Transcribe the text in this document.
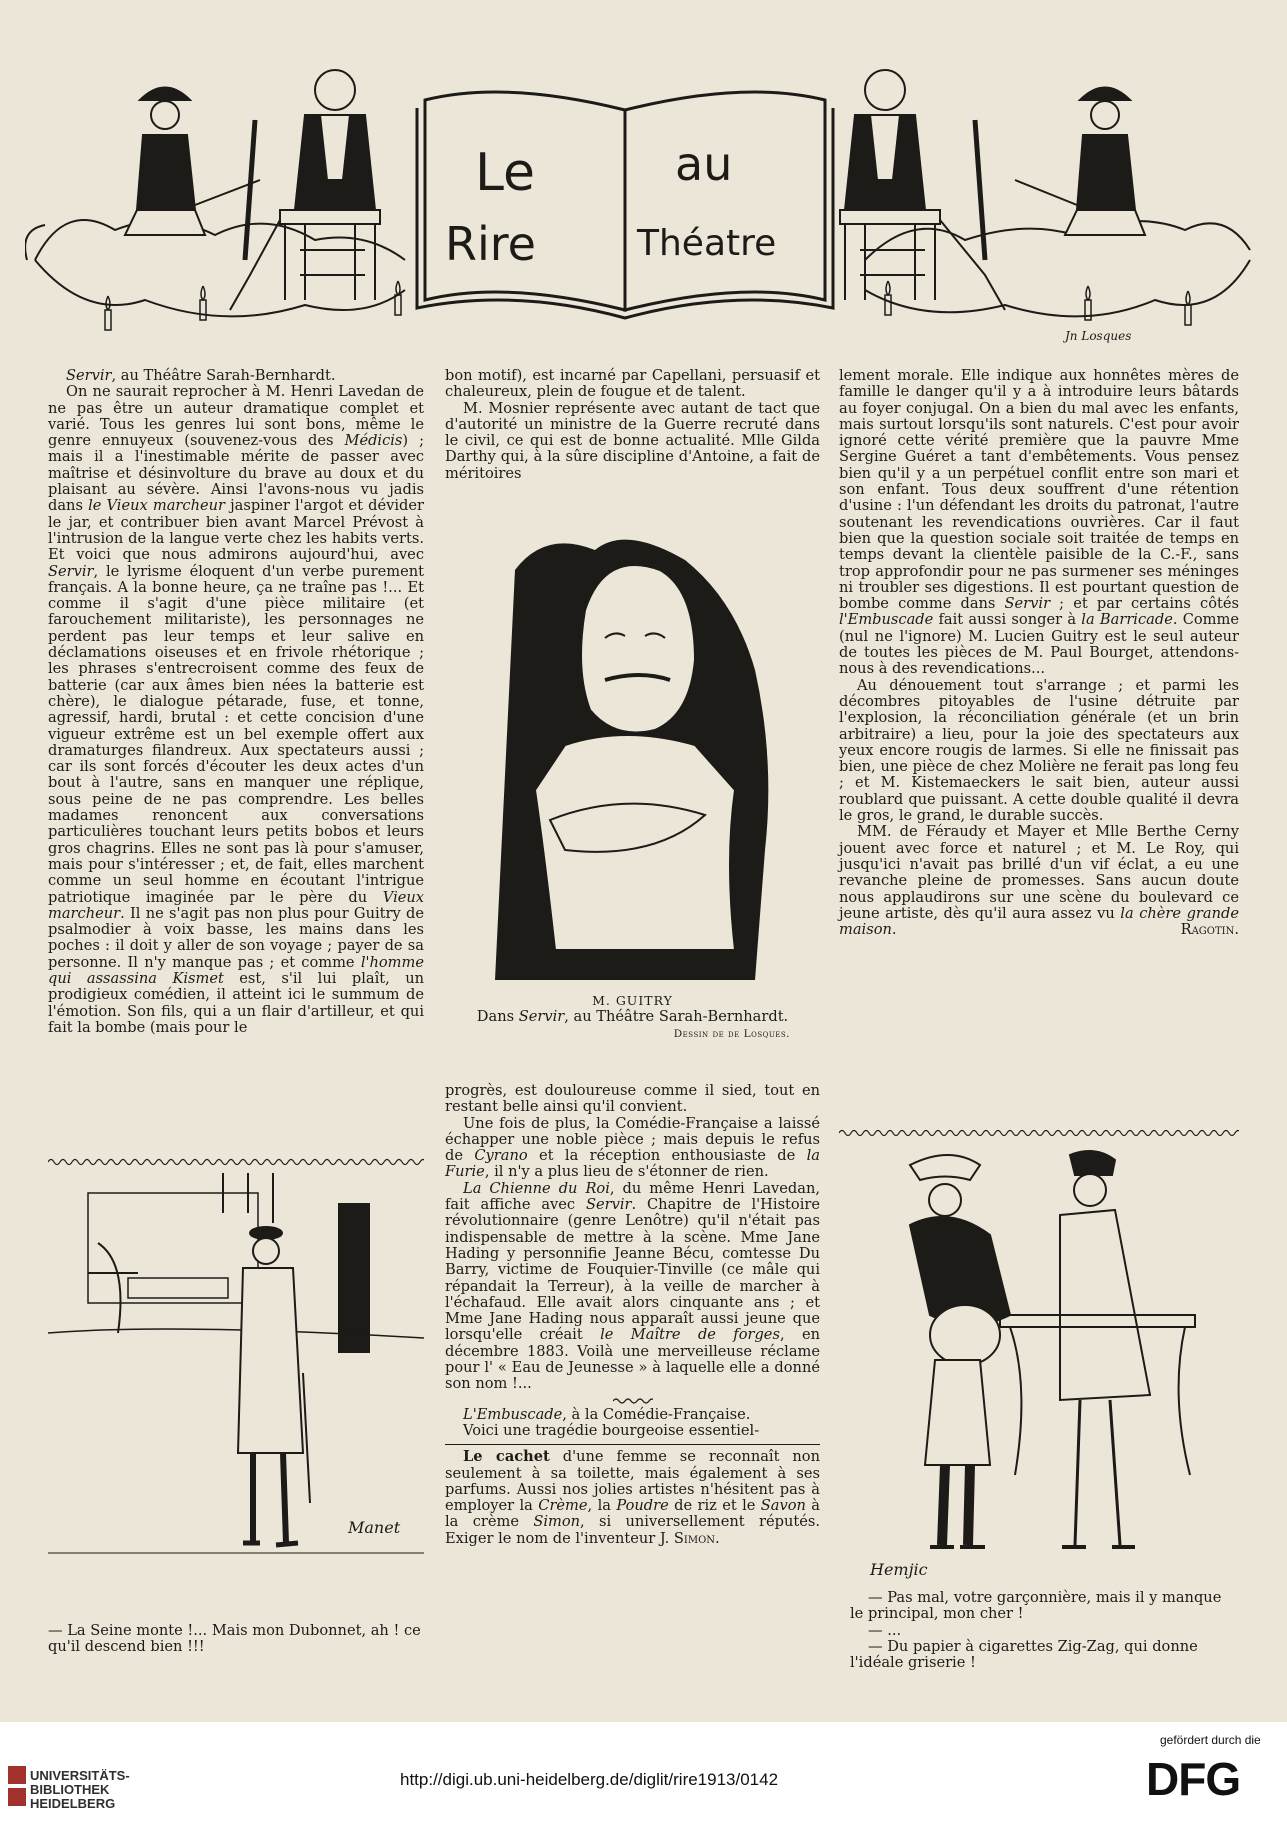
Le
Rire
au
Théatre
Jn Losques

Servir, au Théâtre Sarah-Bernhardt.

On ne saurait reprocher à M. Henri Lavedan de ne pas être un auteur dramatique complet et varié. Tous les genres lui sont bons, même le genre ennuyeux (souvenez-vous des Médicis) ; mais il a l'inestimable mérite de passer avec maîtrise et désinvolture du brave au doux et du plaisant au sévère. Ainsi l'avons-nous vu jadis dans le Vieux marcheur jaspiner l'argot et dévider le jar, et contribuer bien avant Marcel Prévost à l'intrusion de la langue verte chez les habits verts. Et voici que nous admirons aujourd'hui, avec Servir, le lyrisme éloquent d'un verbe purement français. A la bonne heure, ça ne traîne pas !... Et comme il s'agit d'une pièce militaire (et farouchement militariste), les personnages ne perdent pas leur temps et leur salive en déclamations oiseuses et en frivole rhétorique ; les phrases s'entrecroisent comme des feux de batterie (car aux âmes bien nées la batterie est chère), le dialogue pétarade, fuse, et tonne, agressif, hardi, brutal : et cette concision d'une vigueur extrême est un bel exemple offert aux dramaturges filandreux. Aux spectateurs aussi ; car ils sont forcés d'écouter les deux actes d'un bout à l'autre, sans en manquer une réplique, sous peine de ne pas comprendre. Les belles madames renoncent aux conversations particulières touchant leurs petits bobos et leurs gros chagrins. Elles ne sont pas là pour s'amuser, mais pour s'intéresser ; et, de fait, elles marchent comme un seul homme en écoutant l'intrigue patriotique imaginée par le père du Vieux marcheur. Il ne s'agit pas non plus pour Guitry de psalmodier à voix basse, les mains dans les poches : il doit y aller de son voyage ; payer de sa personne. Il n'y manque pas ; et comme l'homme qui assassina Kismet est, s'il lui plaît, un prodigieux comédien, il atteint ici le summum de l'émotion. Son fils, qui a un flair d'artilleur, et qui fait la bombe (mais pour le

Manet
— La Seine monte !... Mais mon Dubonnet, ah ! ce qu'il descend bien !!!

bon motif), est incarné par Capellani, persuasif et chaleureux, plein de fougue et de talent.

M. Mosnier représente avec autant de tact que d'autorité un ministre de la Guerre recruté dans le civil, ce qui est de bonne actualité. Mlle Gilda Darthy qui, à la sûre discipline d'Antoine, a fait de méritoires

M. GUITRY
Dans Servir, au Théâtre Sarah-Bernhardt.
Dessin de de Losques.

progrès, est douloureuse comme il sied, tout en restant belle ainsi qu'il convient.

Une fois de plus, la Comédie-Française a laissé échapper une noble pièce ; mais depuis le refus de Cyrano et la réception enthousiaste de la Furie, il n'y a plus lieu de s'étonner de rien.

La Chienne du Roi, du même Henri Lavedan, fait affiche avec Servir. Chapitre de l'Histoire révolutionnaire (genre Lenôtre) qu'il n'était pas indispensable de mettre à la scène. Mme Jane Hading y personnifie Jeanne Bécu, comtesse Du Barry, victime de Fouquier-Tinville (ce mâle qui répandait la Terreur), à la veille de marcher à l'échafaud. Elle avait alors cinquante ans ; et Mme Jane Hading nous apparaît aussi jeune que lorsqu'elle créait le Maître de forges, en décembre 1883. Voilà une merveilleuse réclame pour l' « Eau de Jeunesse » à laquelle elle a donné son nom !...

L'Embuscade, à la Comédie-Française.

Voici une tragédie bourgeoise essentiel-

Le cachet d'une femme se reconnaît non seulement à sa toilette, mais également à ses parfums. Aussi nos jolies artistes n'hésitent pas à employer la Crème, la Poudre de riz et le Savon à la crème Simon, si universellement réputés. Exiger le nom de l'inventeur J. Simon.

lement morale. Elle indique aux honnêtes mères de famille le danger qu'il y a à introduire leurs bâtards au foyer conjugal. On a bien du mal avec les enfants, mais surtout lorsqu'ils sont naturels. C'est pour avoir ignoré cette vérité première que la pauvre Mme Sergine Guéret a tant d'embêtements. Vous pensez bien qu'il y a un perpétuel conflit entre son mari et son enfant. Tous deux souffrent d'une rétention d'usine : l'un défendant les droits du patronat, l'autre soutenant les revendications ouvrières. Car il faut bien que la question sociale soit traitée de temps en temps devant la clientèle paisible de la C.-F., sans trop approfondir pour ne pas surmener ses méninges ni troubler ses digestions. Il est pourtant question de bombe comme dans Servir ; et par certains côtés l'Embuscade fait aussi songer à la Barricade. Comme (nul ne l'ignore) M. Lucien Guitry est le seul auteur de toutes les pièces de M. Paul Bourget, attendons-nous à des revendications...

Au dénouement tout s'arrange ; et parmi les décombres pitoyables de l'usine détruite par l'explosion, la réconciliation générale (et un brin arbitraire) a lieu, pour la joie des spectateurs aux yeux encore rougis de larmes. Si elle ne finissait pas bien, une pièce de chez Molière ne ferait pas long feu ; et M. Kistemaeckers le sait bien, auteur aussi roublard que puissant. A cette double qualité il devra le gros, le grand, le durable succès.

MM. de Féraudy et Mayer et Mlle Berthe Cerny jouent avec force et naturel ; et M. Le Roy, qui jusqu'ici n'avait pas brillé d'un vif éclat, a eu une revanche pleine de promesses. Sans aucun doute nous applaudirons sur une scène du boulevard ce jeune artiste, dès qu'il aura assez vu la chère grande maison.	Ragotin.

Hemjic
— Pas mal, votre garçonnière, mais il y manque le principal, mon cher !
— ...
— Du papier à cigarettes Zig-Zag, qui donne l'idéale griserie !
UNIVERSITÄTS-
BIBLIOTHEK
HEIDELBERG
http://digi.ub.uni-heidelberg.de/diglit/rire1913/0142
gefördert durch die
DFG
